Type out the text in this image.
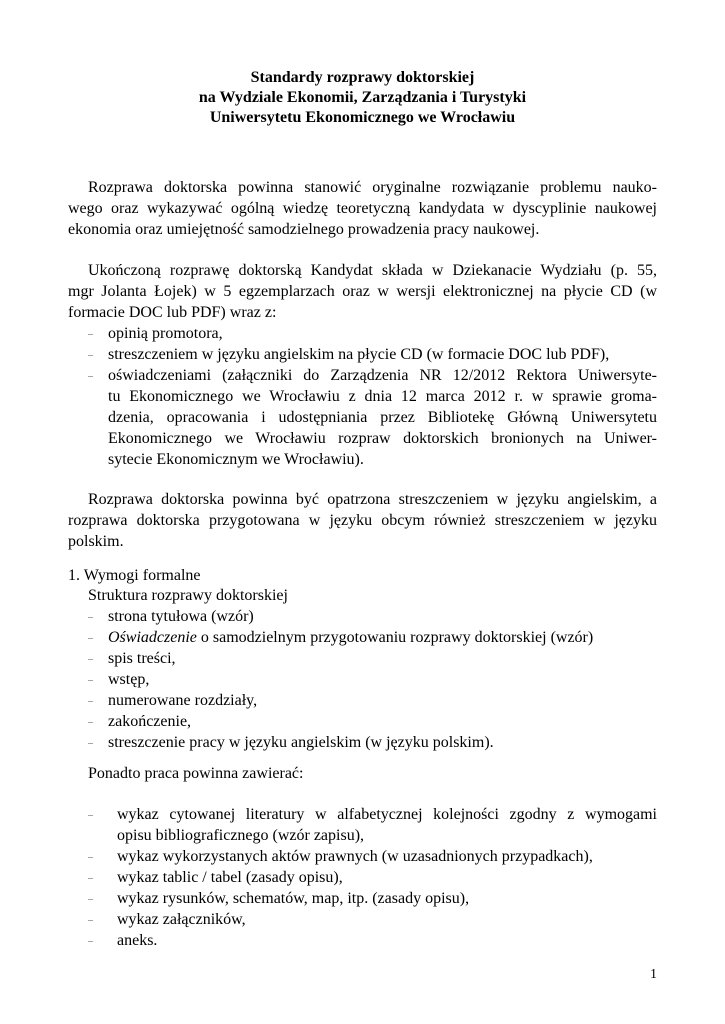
Standardy rozprawy doktorskiej
na Wydziale Ekonomii, Zarządzania i Turystyki
Uniwersytetu Ekonomicznego we Wrocławiu
Rozprawa doktorska powinna stanowić oryginalne rozwiązanie problemu nauko-
wego oraz wykazywać ogólną wiedzę teoretyczną kandydata w dyscyplinie naukowej
ekonomia oraz umiejętność samodzielnego prowadzenia pracy naukowej.
Ukończoną rozprawę doktorską Kandydat składa w Dziekanacie Wydziału (p. 55,
mgr Jolanta Łojek) w 5 egzemplarzach oraz w wersji elektronicznej na płycie CD (w
formacie DOC lub PDF) wraz z:
– opinią promotora,
– streszczeniem w języku angielskim na płycie CD (w formacie DOC lub PDF),
– oświadczeniami (załączniki do Zarządzenia NR 12/2012 Rektora Uniwersyte-
tu Ekonomicznego we Wrocławiu z dnia 12 marca 2012 r. w sprawie groma-
dzenia, opracowania i udostępniania przez Bibliotekę Główną Uniwersytetu
Ekonomicznego we Wrocławiu rozpraw doktorskich bronionych na Uniwer-
sytecie Ekonomicznym we Wrocławiu).
Rozprawa doktorska powinna być opatrzona streszczeniem w języku angielskim, a
rozprawa doktorska przygotowana w języku obcym również streszczeniem w języku
polskim.
1. Wymogi formalne
Struktura rozprawy doktorskiej
– strona tytułowa (wzór)
– Oświadczenie o samodzielnym przygotowaniu rozprawy doktorskiej (wzór)
– spis treści,
– wstęp,
– numerowane rozdziały,
– zakończenie,
– streszczenie pracy w języku angielskim (w języku polskim).
Ponadto praca powinna zawierać:
– wykaz cytowanej literatury w alfabetycznej kolejności zgodny z wymogami
opisu bibliograficznego (wzór zapisu),
– wykaz wykorzystanych aktów prawnych (w uzasadnionych przypadkach),
– wykaz tablic / tabel (zasady opisu),
– wykaz rysunków, schematów, map, itp. (zasady opisu),
– wykaz załączników,
– aneks.
1
